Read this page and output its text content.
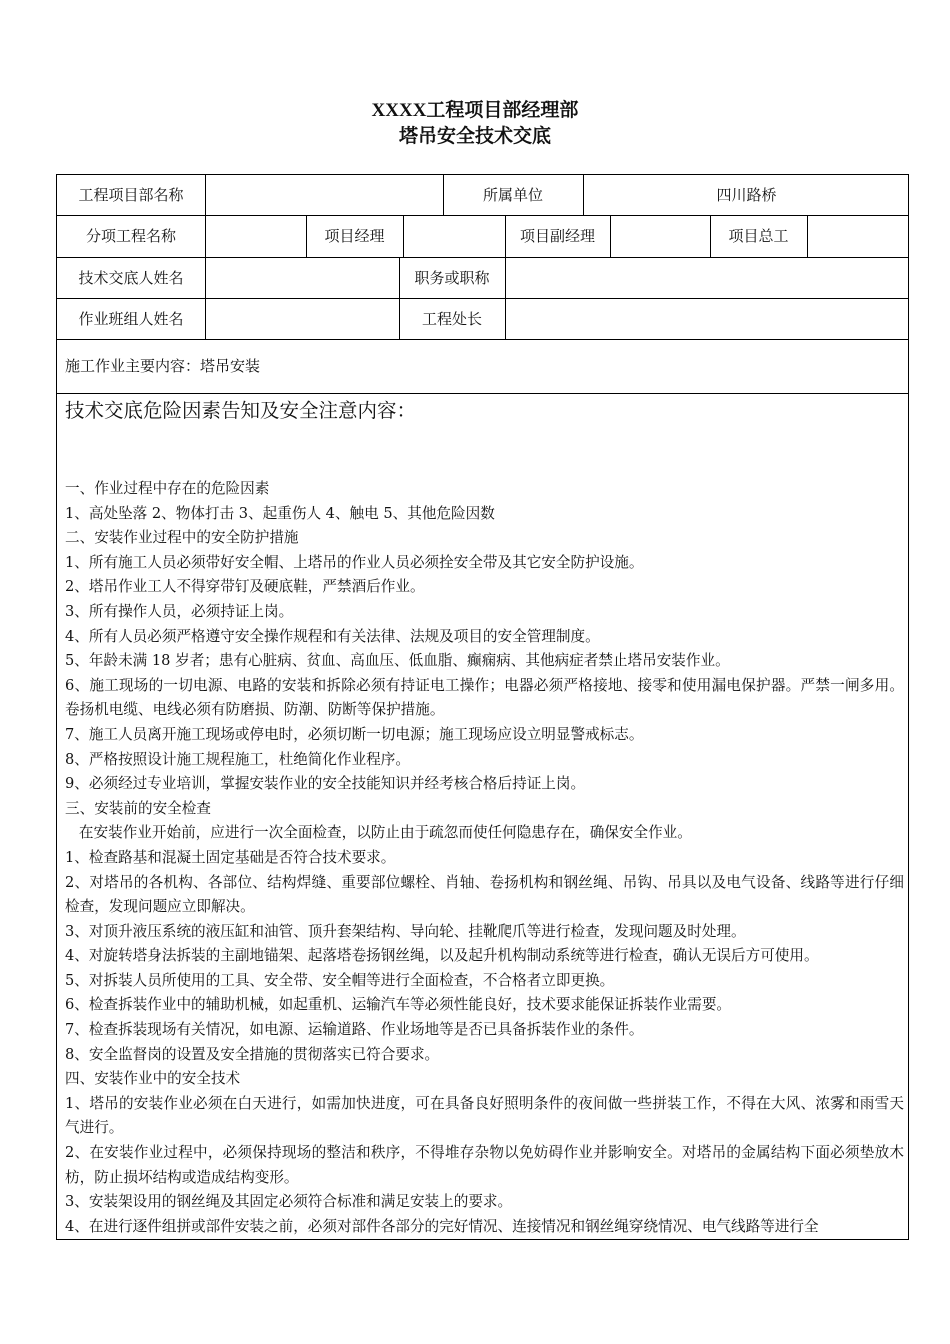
XXXX工程项目部经理部
塔吊安全技术交底
工程项目部名称	所属单位	四川路桥
分项工程名称	项目经理	项目副经理	项目总工
技术交底人姓名	职务或职称
作业班组人姓名	工程处长
施工作业主要内容：塔吊安装
技术交底危险因素告知及安全注意内容：
一、作业过程中存在的危险因素
1、高处坠落 2、物体打击 3、起重伤人 4、触电 5、其他危险因数
二、安装作业过程中的安全防护措施
1、所有施工人员必须带好安全帽、上塔吊的作业人员必须拴安全带及其它安全防护设施。
2、塔吊作业工人不得穿带钉及硬底鞋，严禁酒后作业。
3、所有操作人员，必须持证上岗。
4、所有人员必须严格遵守安全操作规程和有关法律、法规及项目的安全管理制度。
5、年龄未满 18 岁者；患有心脏病、贫血、高血压、低血脂、癫痫病、其他病症者禁止塔吊安装作业。
6、施工现场的一切电源、电路的安装和拆除必须有持证电工操作；电器必须严格接地、接零和使用漏电保护器。严禁一闸多用。卷扬机电缆、电线必须有防磨损、防潮、防断等保护措施。
7、施工人员离开施工现场或停电时，必须切断一切电源；施工现场应设立明显警戒标志。
8、严格按照设计施工规程施工，杜绝简化作业程序。
9、必须经过专业培训，掌握安装作业的安全技能知识并经考核合格后持证上岗。
三、安装前的安全检查
在安装作业开始前，应进行一次全面检查，以防止由于疏忽而使任何隐患存在，确保安全作业。
1、检查路基和混凝土固定基础是否符合技术要求。
2、对塔吊的各机构、各部位、结构焊缝、重要部位螺栓、肖轴、卷扬机构和钢丝绳、吊钩、吊具以及电气设备、线路等进行仔细检查，发现问题应立即解决。
3、对顶升液压系统的液压缸和油管、顶升套架结构、导向轮、挂靴爬爪等进行检查，发现问题及时处理。
4、对旋转塔身法拆装的主副地锚架、起落塔卷扬钢丝绳，以及起升机构制动系统等进行检查，确认无误后方可使用。
5、对拆装人员所使用的工具、安全带、安全帽等进行全面检查，不合格者立即更换。
6、检查拆装作业中的辅助机械，如起重机、运输汽车等必须性能良好，技术要求能保证拆装作业需要。
7、检查拆装现场有关情况，如电源、运输道路、作业场地等是否已具备拆装作业的条件。
8、安全监督岗的设置及安全措施的贯彻落实已符合要求。
四、安装作业中的安全技术
1、塔吊的安装作业必须在白天进行，如需加快进度，可在具备良好照明条件的夜间做一些拼装工作，不得在大风、浓雾和雨雪天气进行。
2、在安装作业过程中，必须保持现场的整洁和秩序，不得堆存杂物以免妨碍作业并影响安全。对塔吊的金属结构下面必须垫放木枋，防止损坏结构或造成结构变形。
3、安装架设用的钢丝绳及其固定必须符合标准和满足安装上的要求。
4、在进行逐件组拼或部件安装之前，必须对部件各部分的完好情况、连接情况和钢丝绳穿绕情况、电气线路等进行全
